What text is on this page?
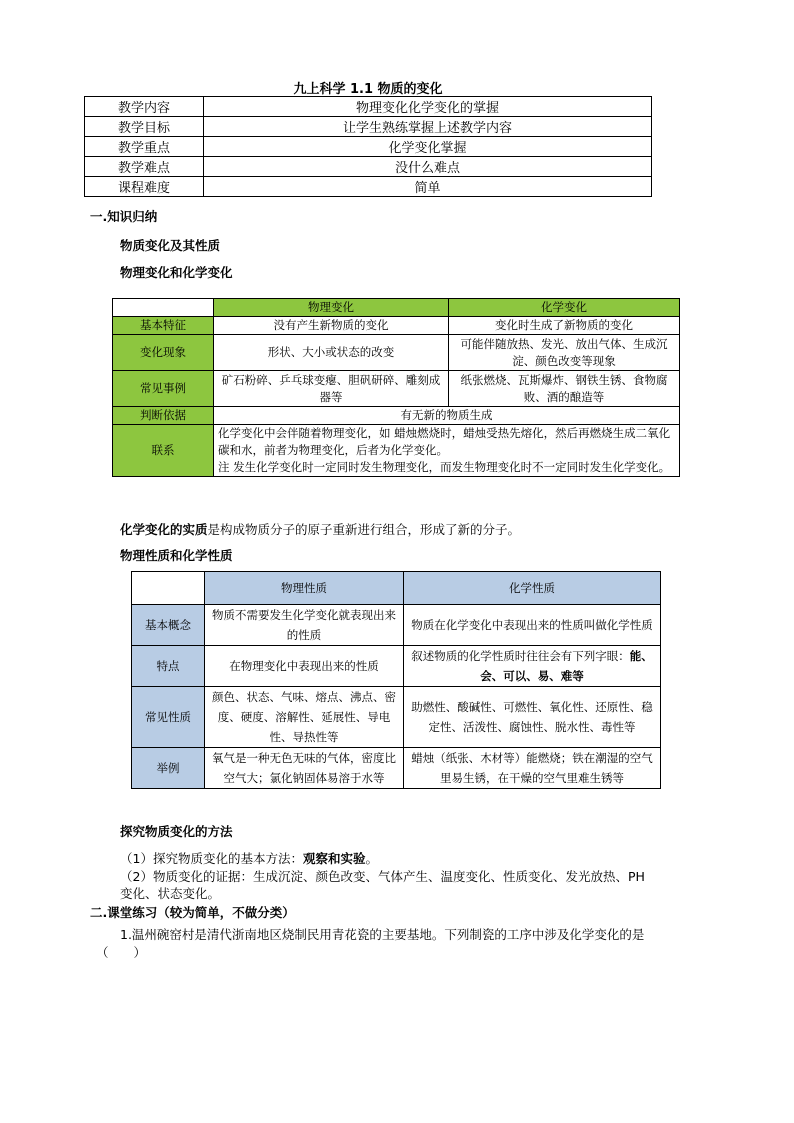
九上科学 1.1 物质的变化
教学内容	物理变化化学变化的掌握
教学目标	让学生熟练掌握上述教学内容
教学重点	化学变化掌握
教学难点	没什么难点
课程难度	简单
一.知识归纳
物质变化及其性质
物理变化和化学变化
	物理变化	化学变化
基本特征	没有产生新物质的变化	变化时生成了新物质的变化
变化现象	形状、大小或状态的改变	可能伴随放热、发光、放出气体、生成沉淀、颜色改变等现象
常见事例	矿石粉碎、乒乓球变瘪、胆矾研碎、雕刻成器等	纸张燃烧、瓦斯爆炸、钢铁生锈、食物腐败、酒的酿造等
判断依据	有无新的物质生成	
联系	化学变化中会伴随着物理变化，如 蜡烛燃烧时，蜡烛受热先熔化，然后再燃烧生成二氧化碳和水，前者为物理变化，后者为化学变化。
注 发生化学变化时一定同时发生物理变化，而发生物理变化时不一定同时发生化学变化。	
化学变化的实质是构成物质分子的原子重新进行组合，形成了新的分子。
物理性质和化学性质
	物理性质	化学性质
基本概念	物质不需要发生化学变化就表现出来的性质	物质在化学变化中表现出来的性质叫做化学性质
特点	在物理变化中表现出来的性质	叙述物质的化学性质时往往会有下列字眼：能、会、可以、易、难等
常见性质	颜色、状态、气味、熔点、沸点、密度、硬度、溶解性、延展性、导电性、导热性等	助燃性、酸碱性、可燃性、氧化性、还原性、稳定性、活泼性、腐蚀性、脱水性、毒性等
举例	氧气是一种无色无味的气体，密度比空气大；氯化钠固体易溶于水等	蜡烛（纸张、木材等）能燃烧；铁在潮湿的空气里易生锈，在干燥的空气里难生锈等
探究物质变化的方法
（1）探究物质变化的基本方法：观察和实验。
（2）物质变化的证据：生成沉淀、颜色改变、气体产生、温度变化、性质变化、发光放热、PH
变化、状态变化。
二.课堂练习（较为简单，不做分类）
1.温州碗窑村是清代浙南地区烧制民用青花瓷的主要基地。下列制瓷的工序中涉及化学变化的是
（　　）
